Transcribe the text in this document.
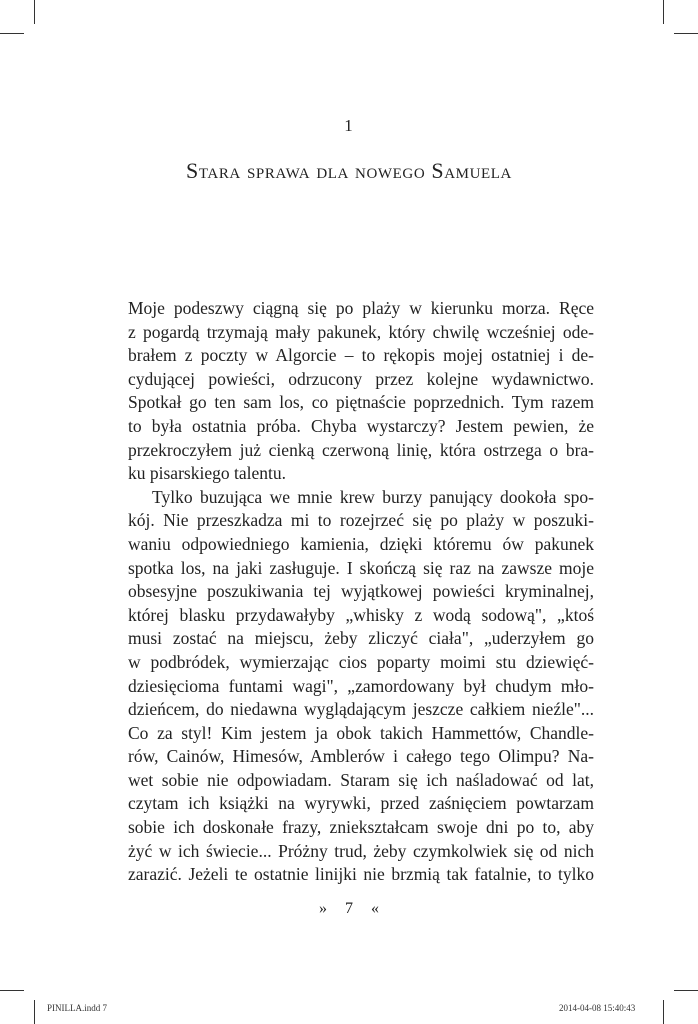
1
Stara sprawa dla nowego Samuela
Moje podeszwy ciągną się po plaży w kierunku morza. Ręce
z pogardą trzymają mały pakunek, który chwilę wcześniej ode-
brałem z poczty w Algorcie – to rękopis mojej ostatniej i de-
cydującej powieści, odrzucony przez kolejne wydawnictwo.
Spotkał go ten sam los, co piętnaście poprzednich. Tym razem
to była ostatnia próba. Chyba wystarczy? Jestem pewien, że
przekroczyłem już cienką czerwoną linię, która ostrzega o bra-
ku pisarskiego talentu.
Tylko buzująca we mnie krew burzy panujący dookoła spo-
kój. Nie przeszkadza mi to rozejrzeć się po plaży w poszuki-
waniu odpowiedniego kamienia, dzięki któremu ów pakunek
spotka los, na jaki zasługuje. I skończą się raz na zawsze moje
obsesyjne poszukiwania tej wyjątkowej powieści kryminalnej,
której blasku przydawałyby „whisky z wodą sodową", „ktoś
musi zostać na miejscu, żeby zliczyć ciała", „uderzyłem go
w podbródek, wymierzając cios poparty moimi stu dziewięć-
dziesięcioma funtami wagi", „zamordowany był chudym mło-
dzieńcem, do niedawna wyglądającym jeszcze całkiem nieźle"...
Co za styl! Kim jestem ja obok takich Hammettów, Chandle-
rów, Cainów, Himesów, Amblerów i całego tego Olimpu? Na-
wet sobie nie odpowiadam. Staram się ich naśladować od lat,
czytam ich książki na wyrywki, przed zaśnięciem powtarzam
sobie ich doskonałe frazy, zniekształcam swoje dni po to, aby
żyć w ich świecie... Próżny trud, żeby czymkolwiek się od nich
zarazić. Jeżeli te ostatnie linijki nie brzmią tak fatalnie, to tylko
» 7 «
PINILLA.indd 7	2014-04-08 15:40:43
